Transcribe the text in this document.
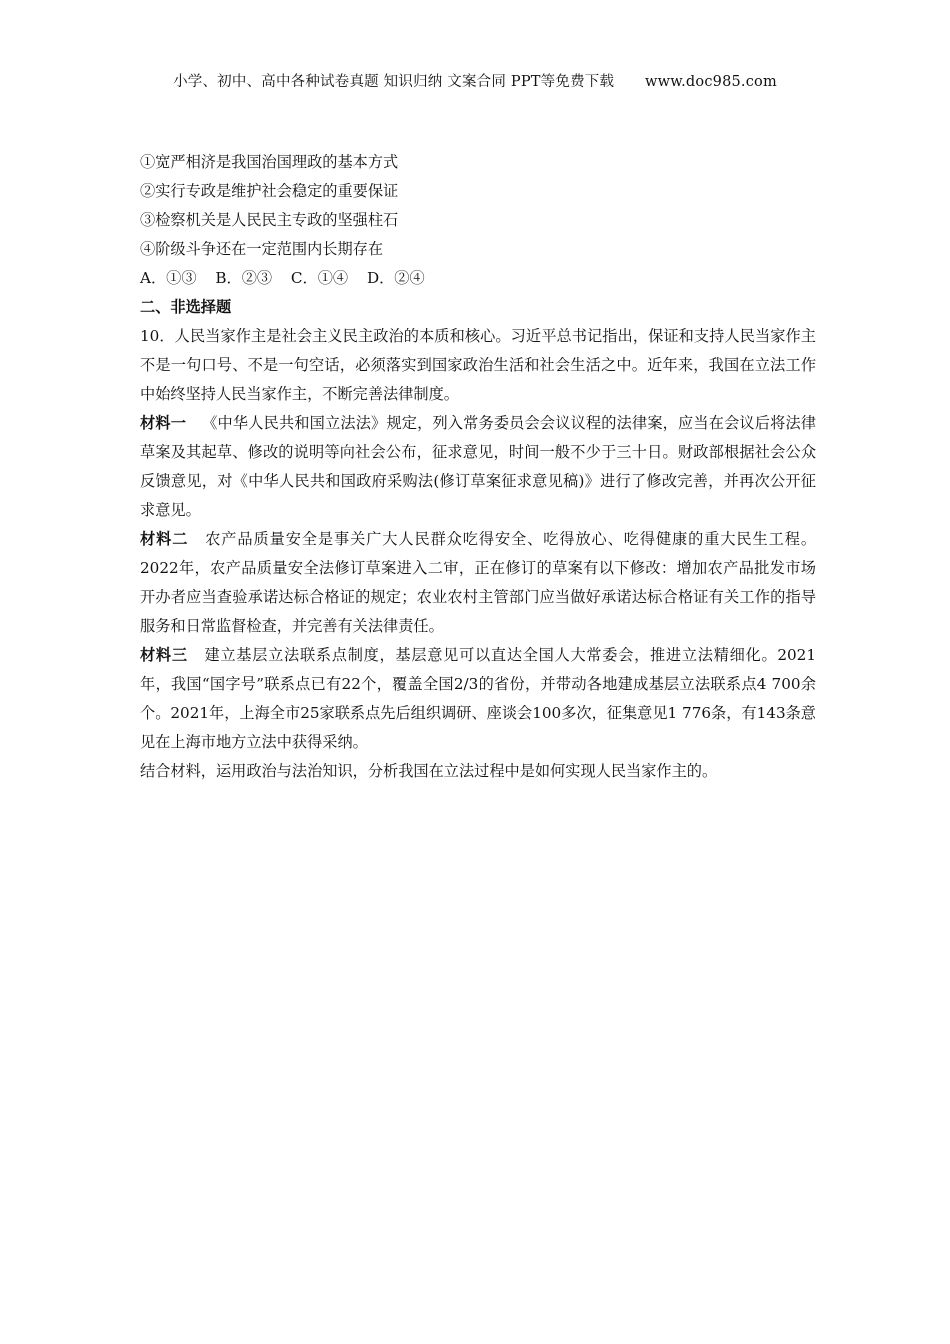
小学、初中、高中各种试卷真题 知识归纳 文案合同 PPT等免费下载 www.doc985.com
①宽严相济是我国治国理政的基本方式
②实行专政是维护社会稳定的重要保证
③检察机关是人民民主专政的坚强柱石
④阶级斗争还在一定范围内长期存在
A．①③ B．②③ C．①④ D．②④
二、非选择题

10．人民当家作主是社会主义民主政治的本质和核心。习近平总书记指出，保证和支持人民当家作主不是一句口号、不是一句空话，必须落实到国家政治生活和社会生活之中。近年来，我国在立法工作中始终坚持人民当家作主，不断完善法律制度。

材料一 《中华人民共和国立法法》规定，列入常务委员会会议议程的法律案，应当在会议后将法律草案及其起草、修改的说明等向社会公布，征求意见，时间一般不少于三十日。财政部根据社会公众反馈意见，对《中华人民共和国政府采购法(修订草案征求意见稿)》进行了修改完善，并再次公开征求意见。

材料二 农产品质量安全是事关广大人民群众吃得安全、吃得放心、吃得健康的重大民生工程。2022年，农产品质量安全法修订草案进入二审，正在修订的草案有以下修改：增加农产品批发市场开办者应当查验承诺达标合格证的规定；农业农村主管部门应当做好承诺达标合格证有关工作的指导服务和日常监督检查，并完善有关法律责任。

材料三 建立基层立法联系点制度，基层意见可以直达全国人大常委会，推进立法精细化。2021年，我国“国字号”联系点已有22个，覆盖全国2/3的省份，并带动各地建成基层立法联系点4 700余个。2021年，上海全市25家联系点先后组织调研、座谈会100多次，征集意见1 776条，有143条意见在上海市地方立法中获得采纳。

结合材料，运用政治与法治知识，分析我国在立法过程中是如何实现人民当家作主的。
